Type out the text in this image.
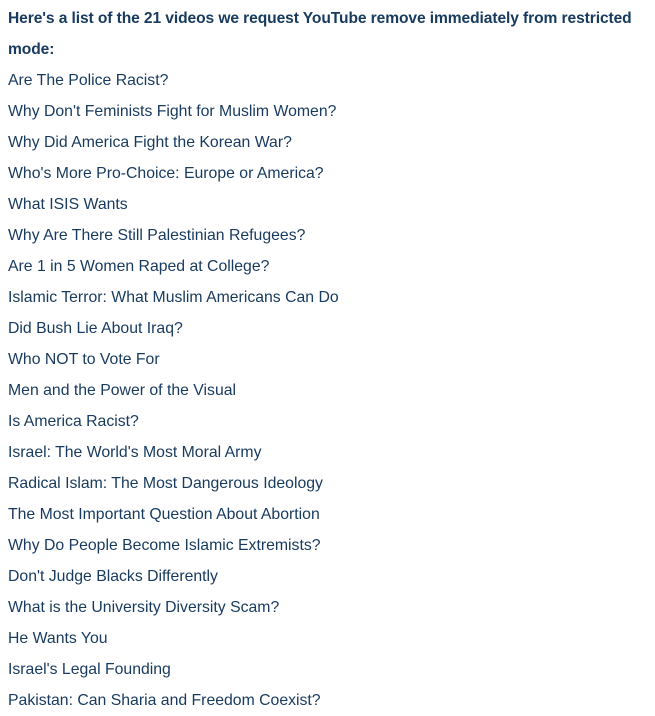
Here's a list of the 21 videos we request YouTube remove immediately from restricted mode:

Are The Police Racist?
Why Don't Feminists Fight for Muslim Women?
Why Did America Fight the Korean War?
Who's More Pro-Choice: Europe or America?
What ISIS Wants
Why Are There Still Palestinian Refugees?
Are 1 in 5 Women Raped at College?
Islamic Terror: What Muslim Americans Can Do
Did Bush Lie About Iraq?
Who NOT to Vote For
Men and the Power of the Visual
Is America Racist?
Israel: The World's Most Moral Army
Radical Islam: The Most Dangerous Ideology
The Most Important Question About Abortion
Why Do People Become Islamic Extremists?
Don't Judge Blacks Differently
What is the University Diversity Scam?
He Wants You
Israel's Legal Founding
Pakistan: Can Sharia and Freedom Coexist?
